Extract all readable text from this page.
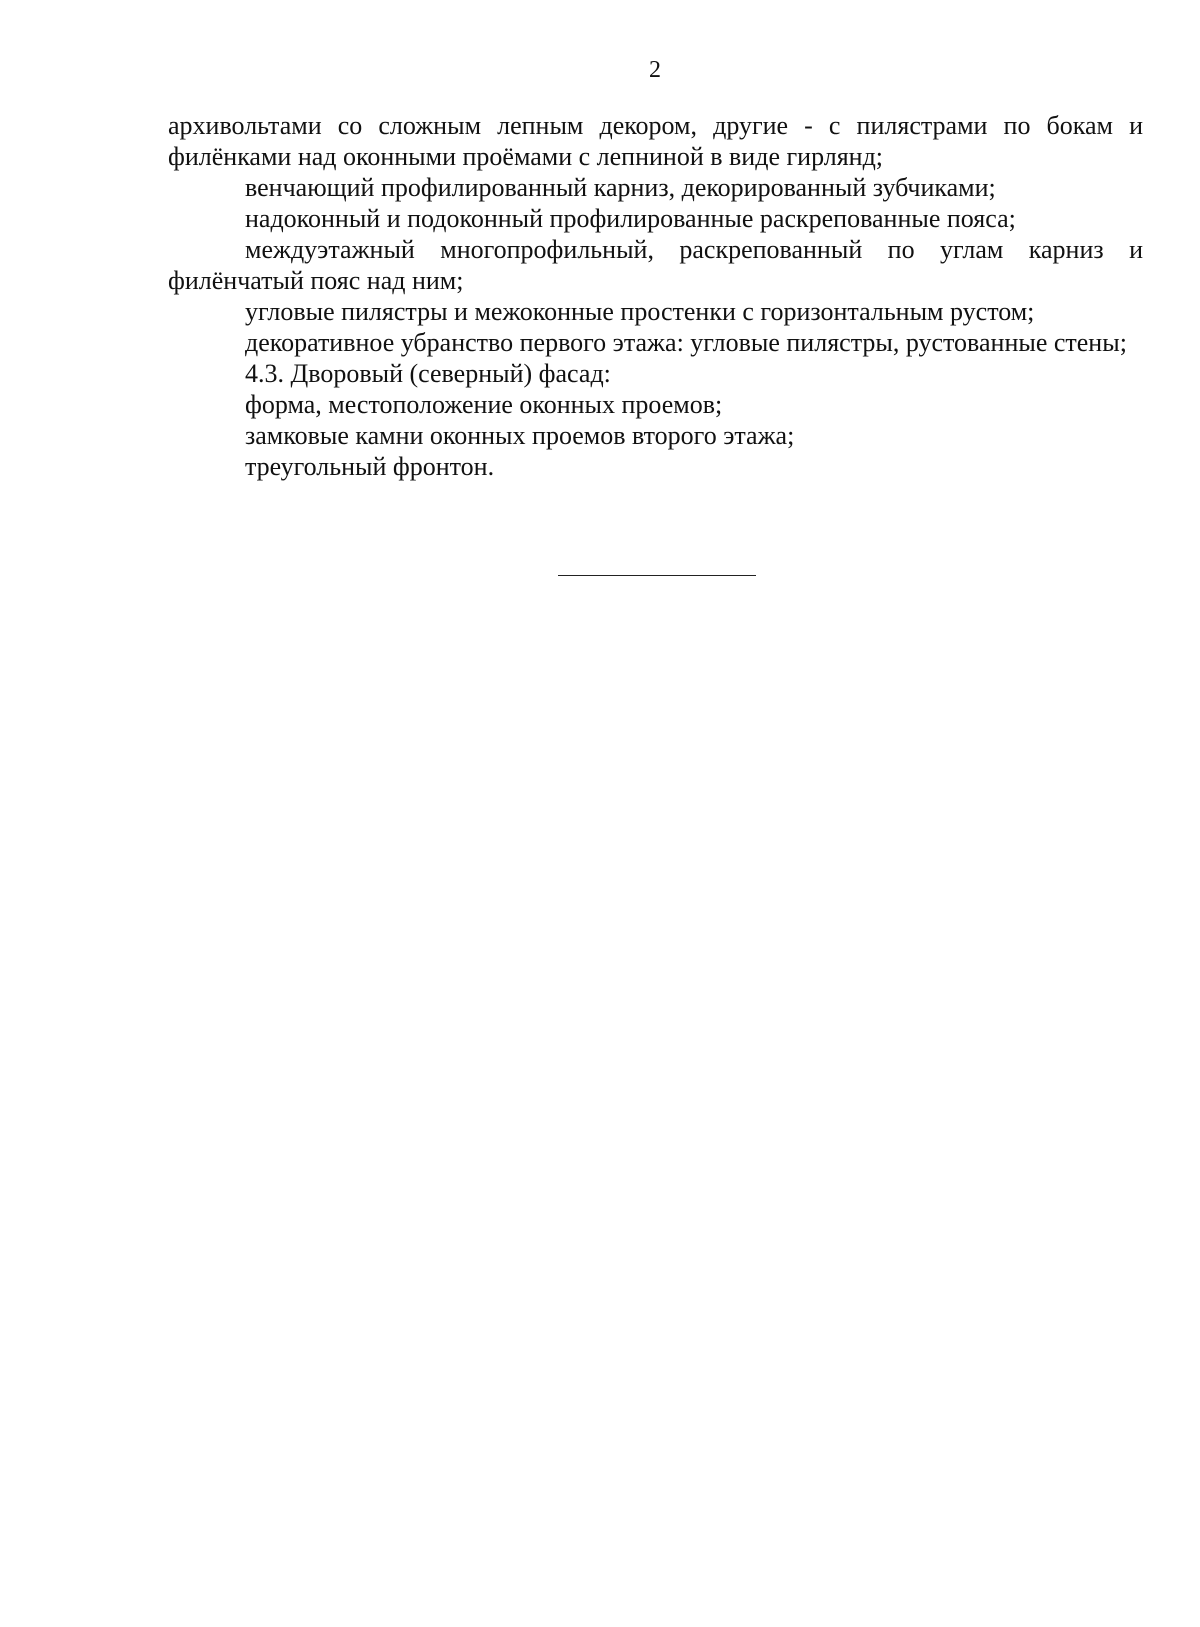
2

архивольтами со сложным лепным декором, другие - с пилястрами по бокам и филёнками над оконными проёмами с лепниной в виде гирлянд;

венчающий профилированный карниз, декорированный зубчиками;

надоконный и подоконный профилированные раскрепованные пояса;

междуэтажный многопрофильный, раскрепованный по углам карниз и филёнчатый пояс над ним;

угловые пилястры и межоконные простенки с горизонтальным рустом;

декоративное убранство первого этажа: угловые пилястры, рустованные стены;

4.3. Дворовый (северный) фасад:

форма, местоположение оконных проемов;

замковые камни оконных проемов второго этажа;

треугольный фронтон.
